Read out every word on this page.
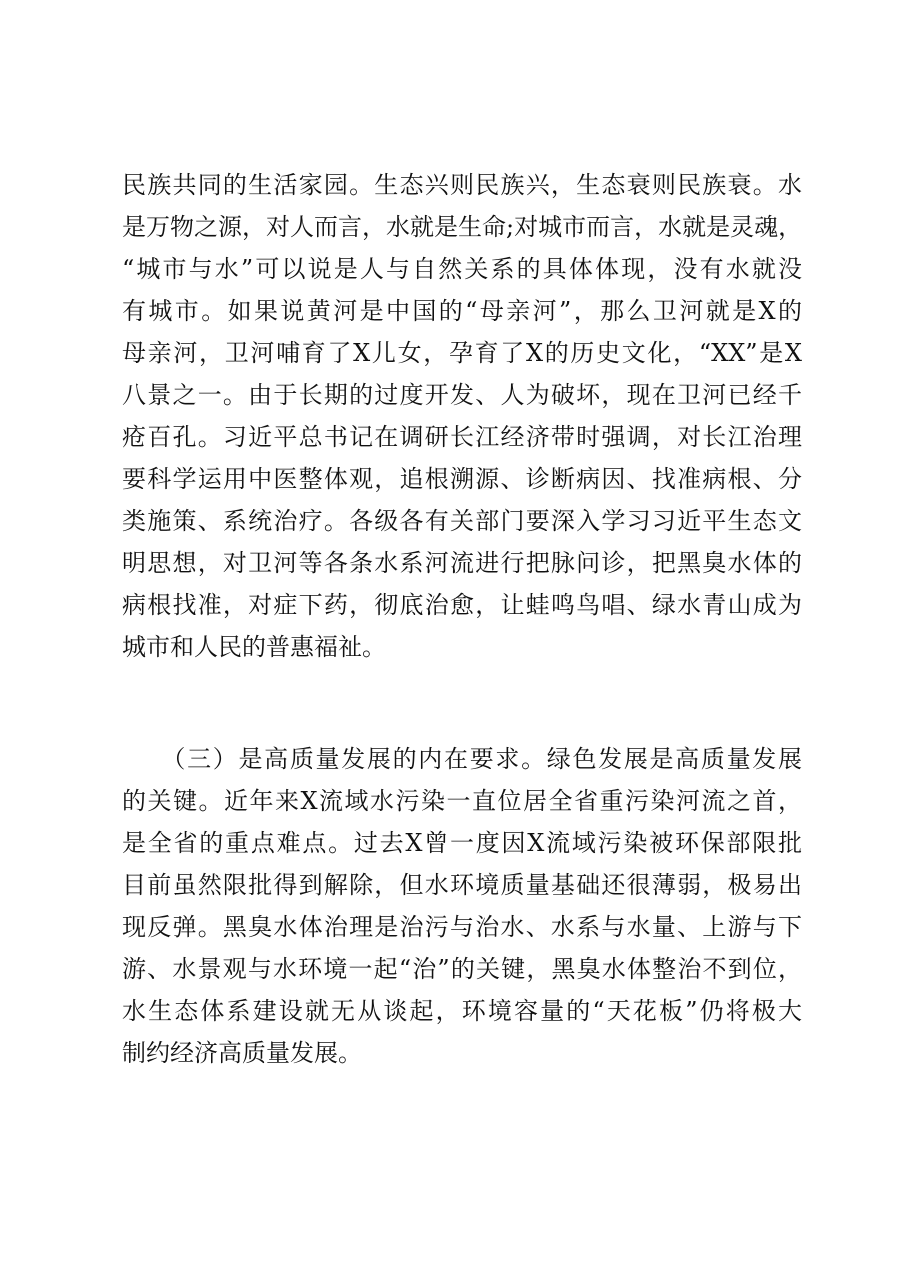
民族共同的生活家园。生态兴则民族兴，生态衰则民族衰。水
是万物之源，对人而言，水就是生命;对城市而言，水就是灵魂，
“城市与水”可以说是人与自然关系的具体体现，没有水就没
有城市。如果说黄河是中国的“母亲河”，那么卫河就是X的
母亲河，卫河哺育了X儿女，孕育了X的历史文化，“XX”是X
八景之一。由于长期的过度开发、人为破坏，现在卫河已经千
疮百孔。习近平总书记在调研长江经济带时强调，对长江治理
要科学运用中医整体观，追根溯源、诊断病因、找准病根、分
类施策、系统治疗。各级各有关部门要深入学习习近平生态文
明思想，对卫河等各条水系河流进行把脉问诊，把黑臭水体的
病根找准，对症下药，彻底治愈，让蛙鸣鸟唱、绿水青山成为
城市和人民的普惠福祉。
　　（三）是高质量发展的内在要求。绿色发展是高质量发展
的关键。近年来X流域水污染一直位居全省重污染河流之首，
是全省的重点难点。过去X曾一度因X流域污染被环保部限批
目前虽然限批得到解除，但水环境质量基础还很薄弱，极易出
现反弹。黑臭水体治理是治污与治水、水系与水量、上游与下
游、水景观与水环境一起“治”的关键，黑臭水体整治不到位，
水生态体系建设就无从谈起，环境容量的“天花板”仍将极大
制约经济高质量发展。
